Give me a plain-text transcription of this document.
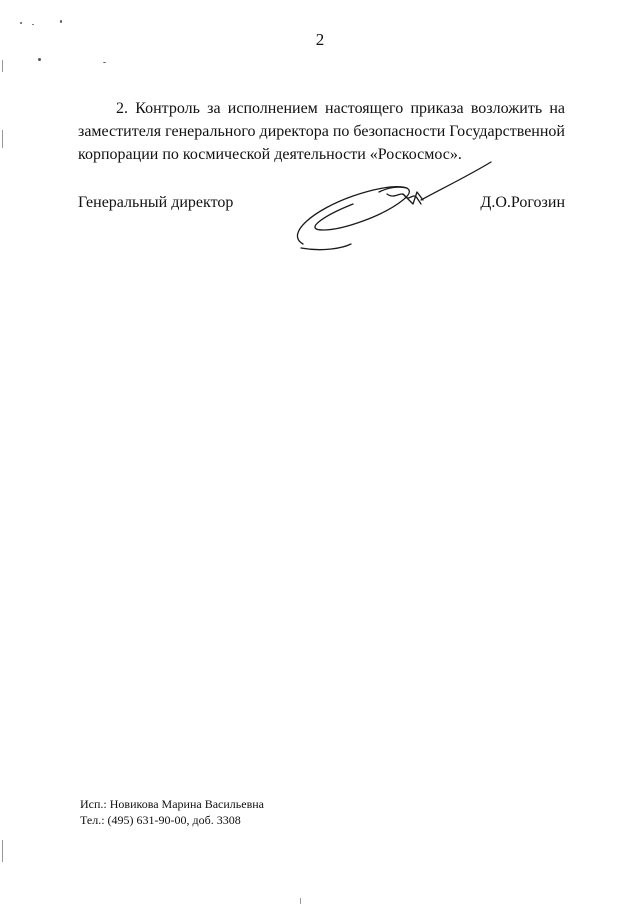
2
2. Контроль за исполнением настоящего приказа возложить на заместителя генерального директора по безопасности Государственной корпорации по космической деятельности «Роскосмос».
Генеральный директор	Д.О.Рогозин
Исп.: Новикова Марина Васильевна
Тел.: (495) 631-90-00, доб. 3308
